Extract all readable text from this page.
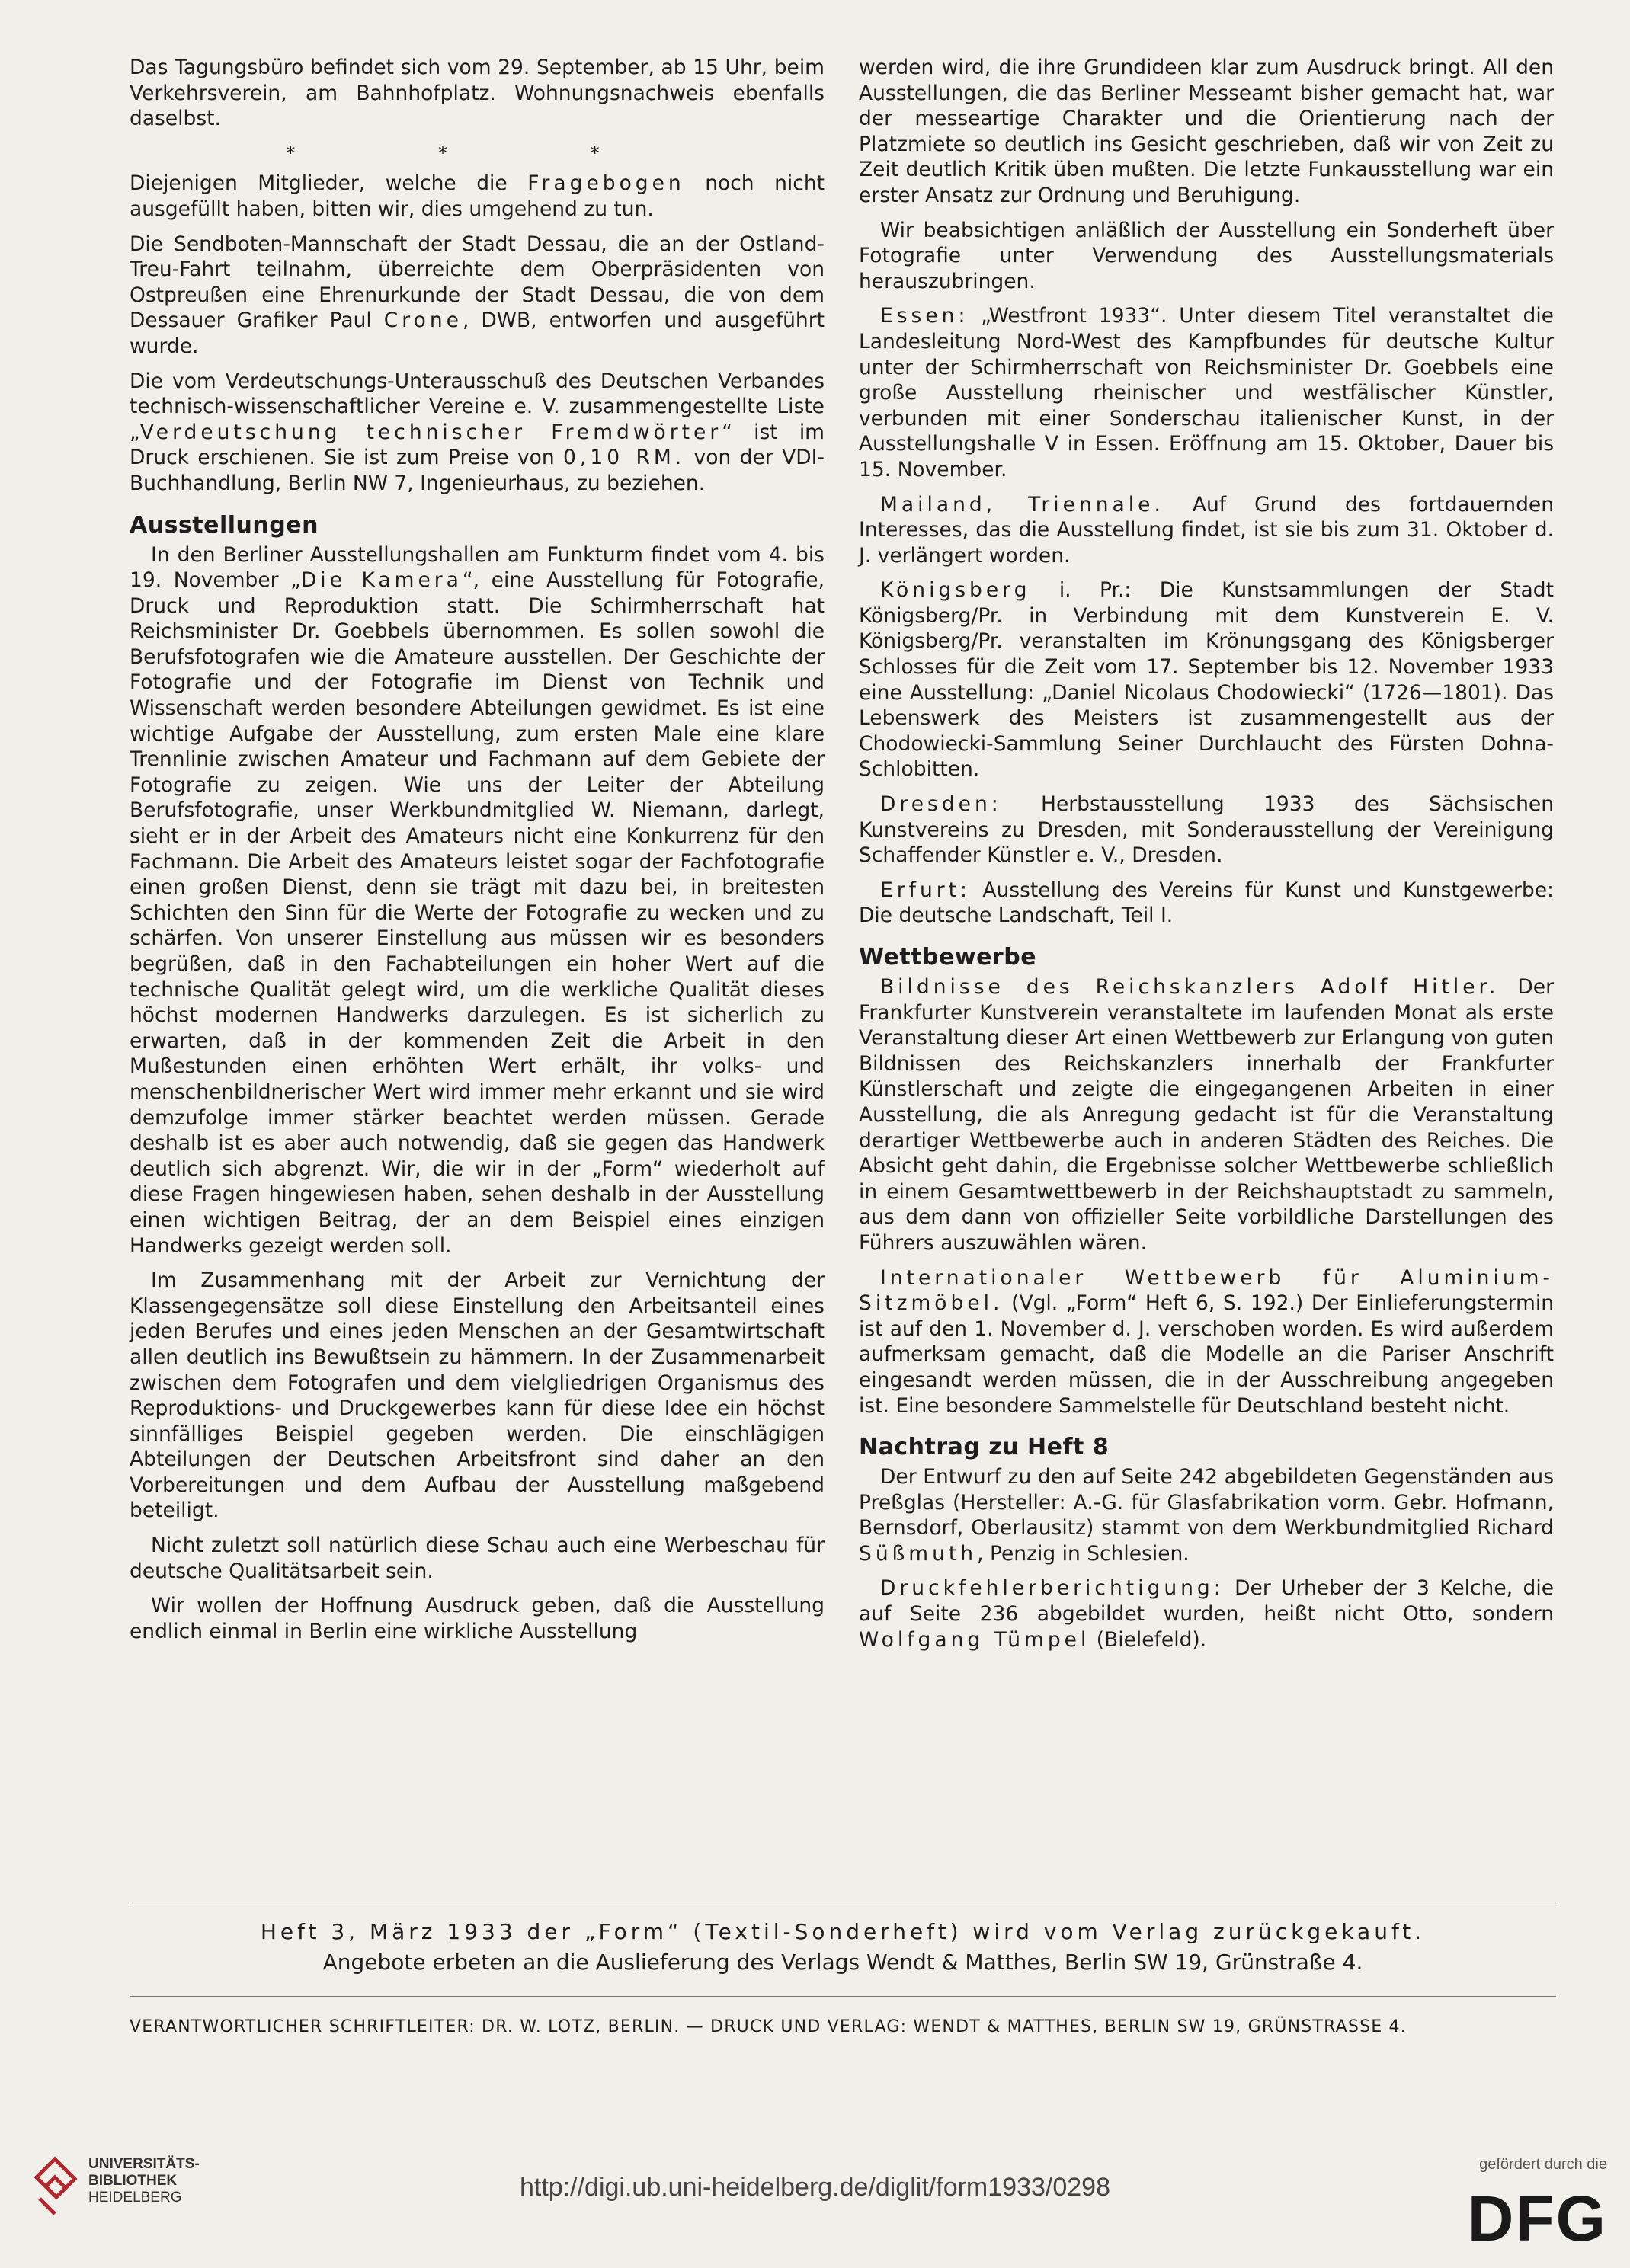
Das Tagungsbüro befindet sich vom 29. September, ab 15 Uhr, beim Verkehrsverein, am Bahnhofplatz. Wohnungsnachweis ebenfalls daselbst.

* * *

Diejenigen Mitglieder, welche die Fragebogen noch nicht ausgefüllt haben, bitten wir, dies umgehend zu tun.

Die Sendboten-Mannschaft der Stadt Dessau, die an der Ostland-Treu-Fahrt teilnahm, überreichte dem Oberpräsidenten von Ostpreußen eine Ehrenurkunde der Stadt Dessau, die von dem Dessauer Grafiker Paul Crone, DWB, entworfen und ausgeführt wurde.

Die vom Verdeutschungs-Unterausschuß des Deutschen Verbandes technisch-wissenschaftlicher Vereine e. V. zusammengestellte Liste „Verdeutschung technischer Fremdwörter“ ist im Druck erschienen. Sie ist zum Preise von 0,10 RM. von der VDI-Buchhandlung, Berlin NW 7, Ingenieurhaus, zu beziehen.

Ausstellungen

In den Berliner Ausstellungshallen am Funkturm findet vom 4. bis 19. November „Die Kamera“, eine Ausstellung für Fotografie, Druck und Reproduktion statt. Die Schirmherrschaft hat Reichsminister Dr. Goebbels übernommen. Es sollen sowohl die Berufsfotografen wie die Amateure ausstellen. Der Geschichte der Fotografie und der Fotografie im Dienst von Technik und Wissenschaft werden besondere Abteilungen gewidmet. Es ist eine wichtige Aufgabe der Ausstellung, zum ersten Male eine klare Trennlinie zwischen Amateur und Fachmann auf dem Gebiete der Fotografie zu zeigen. Wie uns der Leiter der Abteilung Berufsfotografie, unser Werkbundmitglied W. Niemann, darlegt, sieht er in der Arbeit des Amateurs nicht eine Konkurrenz für den Fachmann. Die Arbeit des Amateurs leistet sogar der Fachfotografie einen großen Dienst, denn sie trägt mit dazu bei, in breitesten Schichten den Sinn für die Werte der Fotografie zu wecken und zu schärfen. Von unserer Einstellung aus müssen wir es besonders begrüßen, daß in den Fachabteilungen ein hoher Wert auf die technische Qualität gelegt wird, um die werkliche Qualität dieses höchst modernen Handwerks darzulegen. Es ist sicherlich zu erwarten, daß in der kommenden Zeit die Arbeit in den Mußestunden einen erhöhten Wert erhält, ihr volks- und menschenbildnerischer Wert wird immer mehr erkannt und sie wird demzufolge immer stärker beachtet werden müssen. Gerade deshalb ist es aber auch notwendig, daß sie gegen das Handwerk deutlich sich abgrenzt. Wir, die wir in der „Form“ wiederholt auf diese Fragen hingewiesen haben, sehen deshalb in der Ausstellung einen wichtigen Beitrag, der an dem Beispiel eines einzigen Handwerks gezeigt werden soll.

Im Zusammenhang mit der Arbeit zur Vernichtung der Klassengegensätze soll diese Einstellung den Arbeitsanteil eines jeden Berufes und eines jeden Menschen an der Gesamtwirtschaft allen deutlich ins Bewußtsein zu hämmern. In der Zusammenarbeit zwischen dem Fotografen und dem vielgliedrigen Organismus des Reproduktions- und Druckgewerbes kann für diese Idee ein höchst sinnfälliges Beispiel gegeben werden. Die einschlägigen Abteilungen der Deutschen Arbeitsfront sind daher an den Vorbereitungen und dem Aufbau der Ausstellung maßgebend beteiligt.

Nicht zuletzt soll natürlich diese Schau auch eine Werbeschau für deutsche Qualitätsarbeit sein.

Wir wollen der Hoffnung Ausdruck geben, daß die Ausstellung endlich einmal in Berlin eine wirkliche Ausstellung

werden wird, die ihre Grundideen klar zum Ausdruck bringt. All den Ausstellungen, die das Berliner Messeamt bisher gemacht hat, war der messeartige Charakter und die Orientierung nach der Platzmiete so deutlich ins Gesicht geschrieben, daß wir von Zeit zu Zeit deutlich Kritik üben mußten. Die letzte Funkausstellung war ein erster Ansatz zur Ordnung und Beruhigung.

Wir beabsichtigen anläßlich der Ausstellung ein Sonderheft über Fotografie unter Verwendung des Ausstellungsmaterials herauszubringen.

Essen: „Westfront 1933“. Unter diesem Titel veranstaltet die Landesleitung Nord-West des Kampfbundes für deutsche Kultur unter der Schirmherrschaft von Reichsminister Dr. Goebbels eine große Ausstellung rheinischer und westfälischer Künstler, verbunden mit einer Sonderschau italienischer Kunst, in der Ausstellungshalle V in Essen. Eröffnung am 15. Oktober, Dauer bis 15. November.

Mailand, Triennale. Auf Grund des fortdauernden Interesses, das die Ausstellung findet, ist sie bis zum 31. Oktober d. J. verlängert worden.

Königsberg i. Pr.: Die Kunstsammlungen der Stadt Königsberg/Pr. in Verbindung mit dem Kunstverein E. V. Königsberg/Pr. veranstalten im Krönungsgang des Königsberger Schlosses für die Zeit vom 17. September bis 12. November 1933 eine Ausstellung: „Daniel Nicolaus Chodowiecki“ (1726—1801). Das Lebenswerk des Meisters ist zusammengestellt aus der Chodowiecki-Sammlung Seiner Durchlaucht des Fürsten Dohna-Schlobitten.

Dresden: Herbstausstellung 1933 des Sächsischen Kunstvereins zu Dresden, mit Sonderausstellung der Vereinigung Schaffender Künstler e. V., Dresden.

Erfurt: Ausstellung des Vereins für Kunst und Kunstgewerbe: Die deutsche Landschaft, Teil I.

Wettbewerbe

Bildnisse des Reichskanzlers Adolf Hitler. Der Frankfurter Kunstverein veranstaltete im laufenden Monat als erste Veranstaltung dieser Art einen Wettbewerb zur Erlangung von guten Bildnissen des Reichskanzlers innerhalb der Frankfurter Künstlerschaft und zeigte die eingegangenen Arbeiten in einer Ausstellung, die als Anregung gedacht ist für die Veranstaltung derartiger Wettbewerbe auch in anderen Städten des Reiches. Die Absicht geht dahin, die Ergebnisse solcher Wettbewerbe schließlich in einem Gesamtwettbewerb in der Reichshauptstadt zu sammeln, aus dem dann von offizieller Seite vorbildliche Darstellungen des Führers auszuwählen wären.

Internationaler Wettbewerb für Aluminium-Sitzmöbel. (Vgl. „Form“ Heft 6, S. 192.) Der Einlieferungstermin ist auf den 1. November d. J. verschoben worden. Es wird außerdem aufmerksam gemacht, daß die Modelle an die Pariser Anschrift eingesandt werden müssen, die in der Ausschreibung angegeben ist. Eine besondere Sammelstelle für Deutschland besteht nicht.

Nachtrag zu Heft 8

Der Entwurf zu den auf Seite 242 abgebildeten Gegenständen aus Preßglas (Hersteller: A.-G. für Glasfabrikation vorm. Gebr. Hofmann, Bernsdorf, Oberlausitz) stammt von dem Werkbundmitglied Richard Süßmuth, Penzig in Schlesien.

Druckfehlerberichtigung: Der Urheber der 3 Kelche, die auf Seite 236 abgebildet wurden, heißt nicht Otto, sondern Wolfgang Tümpel (Bielefeld).

Heft 3, März 1933 der „Form“ (Textil-Sonderheft) wird vom Verlag zurückgekauft.
Angebote erbeten an die Auslieferung des Verlags Wendt & Matthes, Berlin SW 19, Grünstraße 4.
VERANTWORTLICHER SCHRIFTLEITER: DR. W. LOTZ, BERLIN. — DRUCK UND VERLAG: WENDT & MATTHES, BERLIN SW 19, GRÜNSTRASSE 4.
UNIVERSITÄTS-
BIBLIOTHEK
HEIDELBERG	http://digi.ub.uni-heidelberg.de/diglit/form1933/0298
gefördert durch die
DFG
